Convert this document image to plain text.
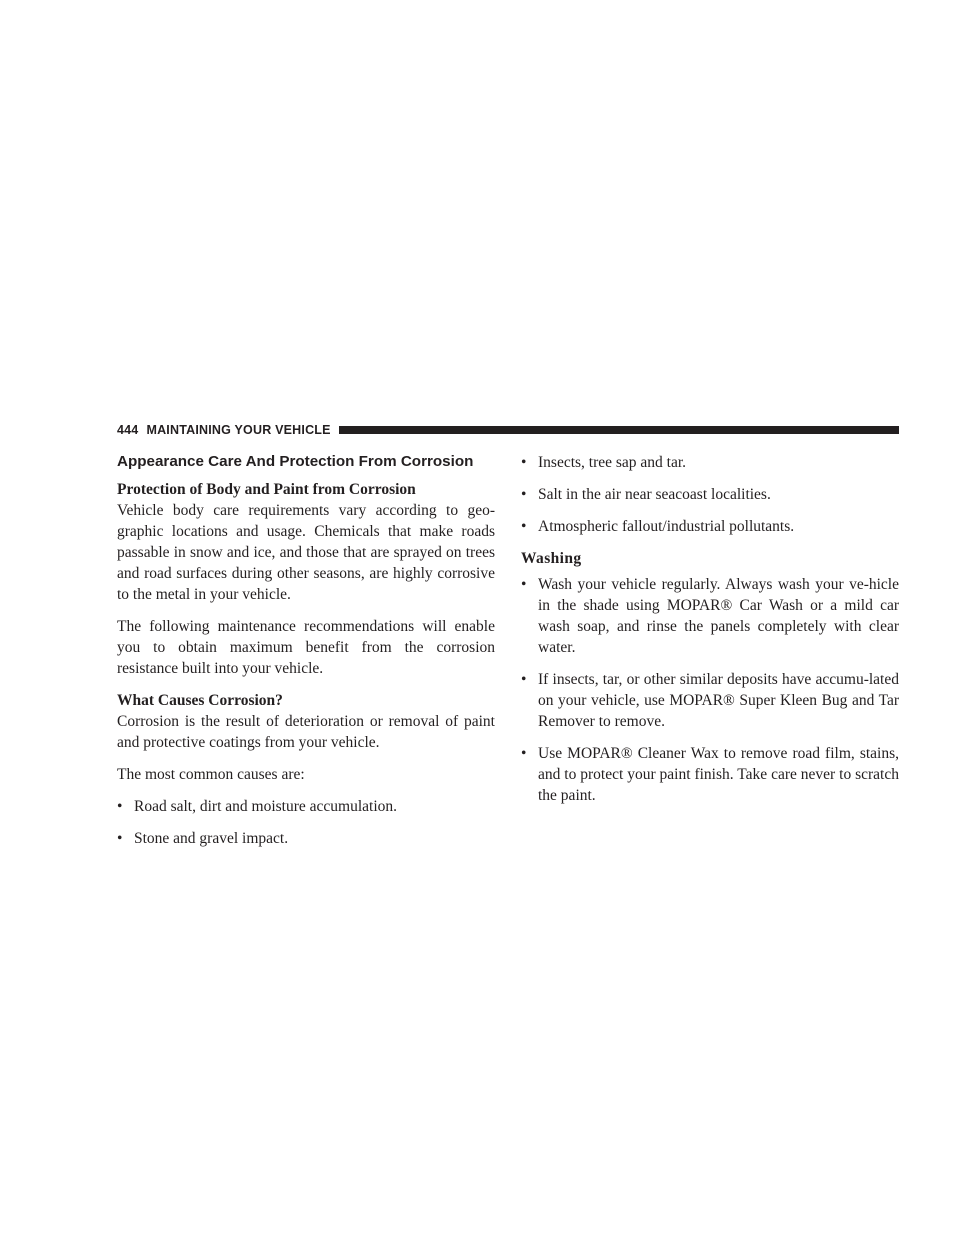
444 MAINTAINING YOUR VEHICLE
Appearance Care And Protection From Corrosion
Protection of Body and Paint from Corrosion

Vehicle body care requirements vary according to geo-graphic locations and usage. Chemicals that make roads passable in snow and ice, and those that are sprayed on trees and road surfaces during other seasons, are highly corrosive to the metal in your vehicle.

The following maintenance recommendations will enable you to obtain maximum benefit from the corrosion resistance built into your vehicle.

What Causes Corrosion?

Corrosion is the result of deterioration or removal of paint and protective coatings from your vehicle.

The most common causes are:

• Road salt, dirt and moisture accumulation.
• Stone and gravel impact.
• Insects, tree sap and tar.
• Salt in the air near seacoast localities.
• Atmospheric fallout/industrial pollutants.
Washing
• Wash your vehicle regularly. Always wash your ve-hicle in the shade using MOPAR® Car Wash or a mild car wash soap, and rinse the panels completely with clear water.
• If insects, tar, or other similar deposits have accumu-lated on your vehicle, use MOPAR® Super Kleen Bug and Tar Remover to remove.
• Use MOPAR® Cleaner Wax to remove road film, stains, and to protect your paint finish. Take care never to scratch the paint.
